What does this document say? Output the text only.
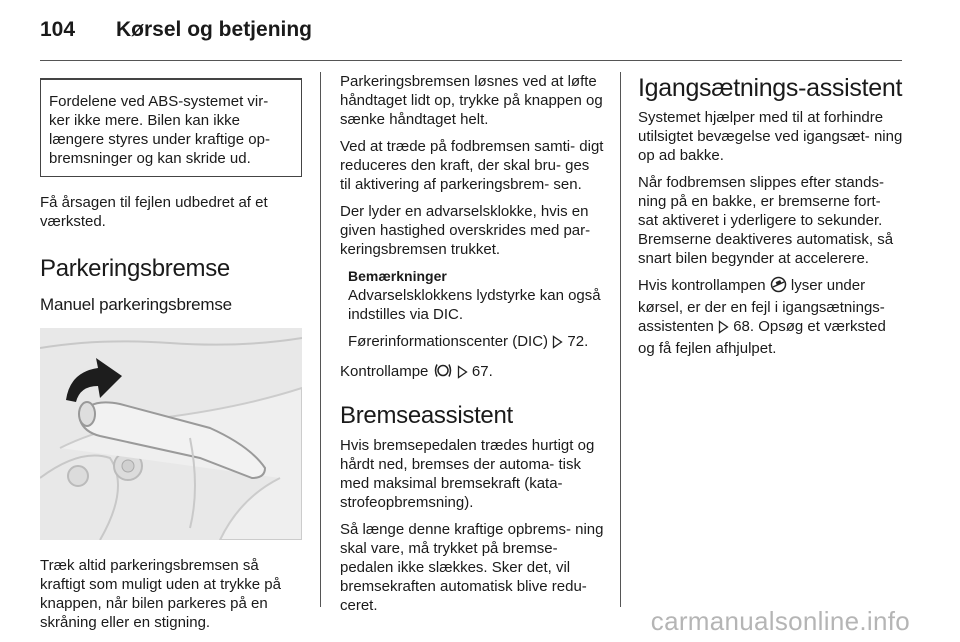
104	Kørsel og betjening

Fordelene ved ABS-systemet vir- ker ikke mere. Bilen kan ikke længere styres under kraftige op- bremsninger og kan skride ud.

Få årsagen til fejlen udbedret af et værksted.

Parkeringsbremse
Manuel parkeringsbremse

Træk altid parkeringsbremsen så kraftigt som muligt uden at trykke på knappen, når bilen parkeres på en skråning eller en stigning.

Parkeringsbremsen løsnes ved at løfte håndtaget lidt op, trykke på knappen og sænke håndtaget helt.

Ved at træde på fodbremsen samti- digt reduceres den kraft, der skal bru- ges til aktivering af parkeringsbrem- sen.

Der lyder en advarselsklokke, hvis en given hastighed overskrides med par- keringsbremsen trukket.

Bemærkninger

Advarselsklokkens lydstyrke kan også indstilles via DIC.

Førerinformationscenter (DIC)  72.

Kontrollampe	67.

Bremseassistent

Hvis bremsepedalen trædes hurtigt og hårdt ned, bremses der automa- tisk med maksimal bremsekraft (kata- strofeopbremsning).

Så længe denne kraftige opbrems- ning skal vare, må trykket på bremse- pedalen ikke slækkes. Sker det, vil bremsekraften automatisk blive redu- ceret.

Igangsætnings-assistent

Systemet hjælper med til at forhindre utilsigtet bevægelse ved igangsæt- ning op ad bakke.

Når fodbremsen slippes efter stands- ning på en bakke, er bremserne fort- sat aktiveret i yderligere to sekunder. Bremserne deaktiveres automatisk, så snart bilen begynder at accelerere.

Hvis kontrollampen  lyser under kørsel, er der en fejl i igangsætnings- assistenten  68. Opsøg et værksted og få fejlen afhjulpet.

carmanualsonline.info
